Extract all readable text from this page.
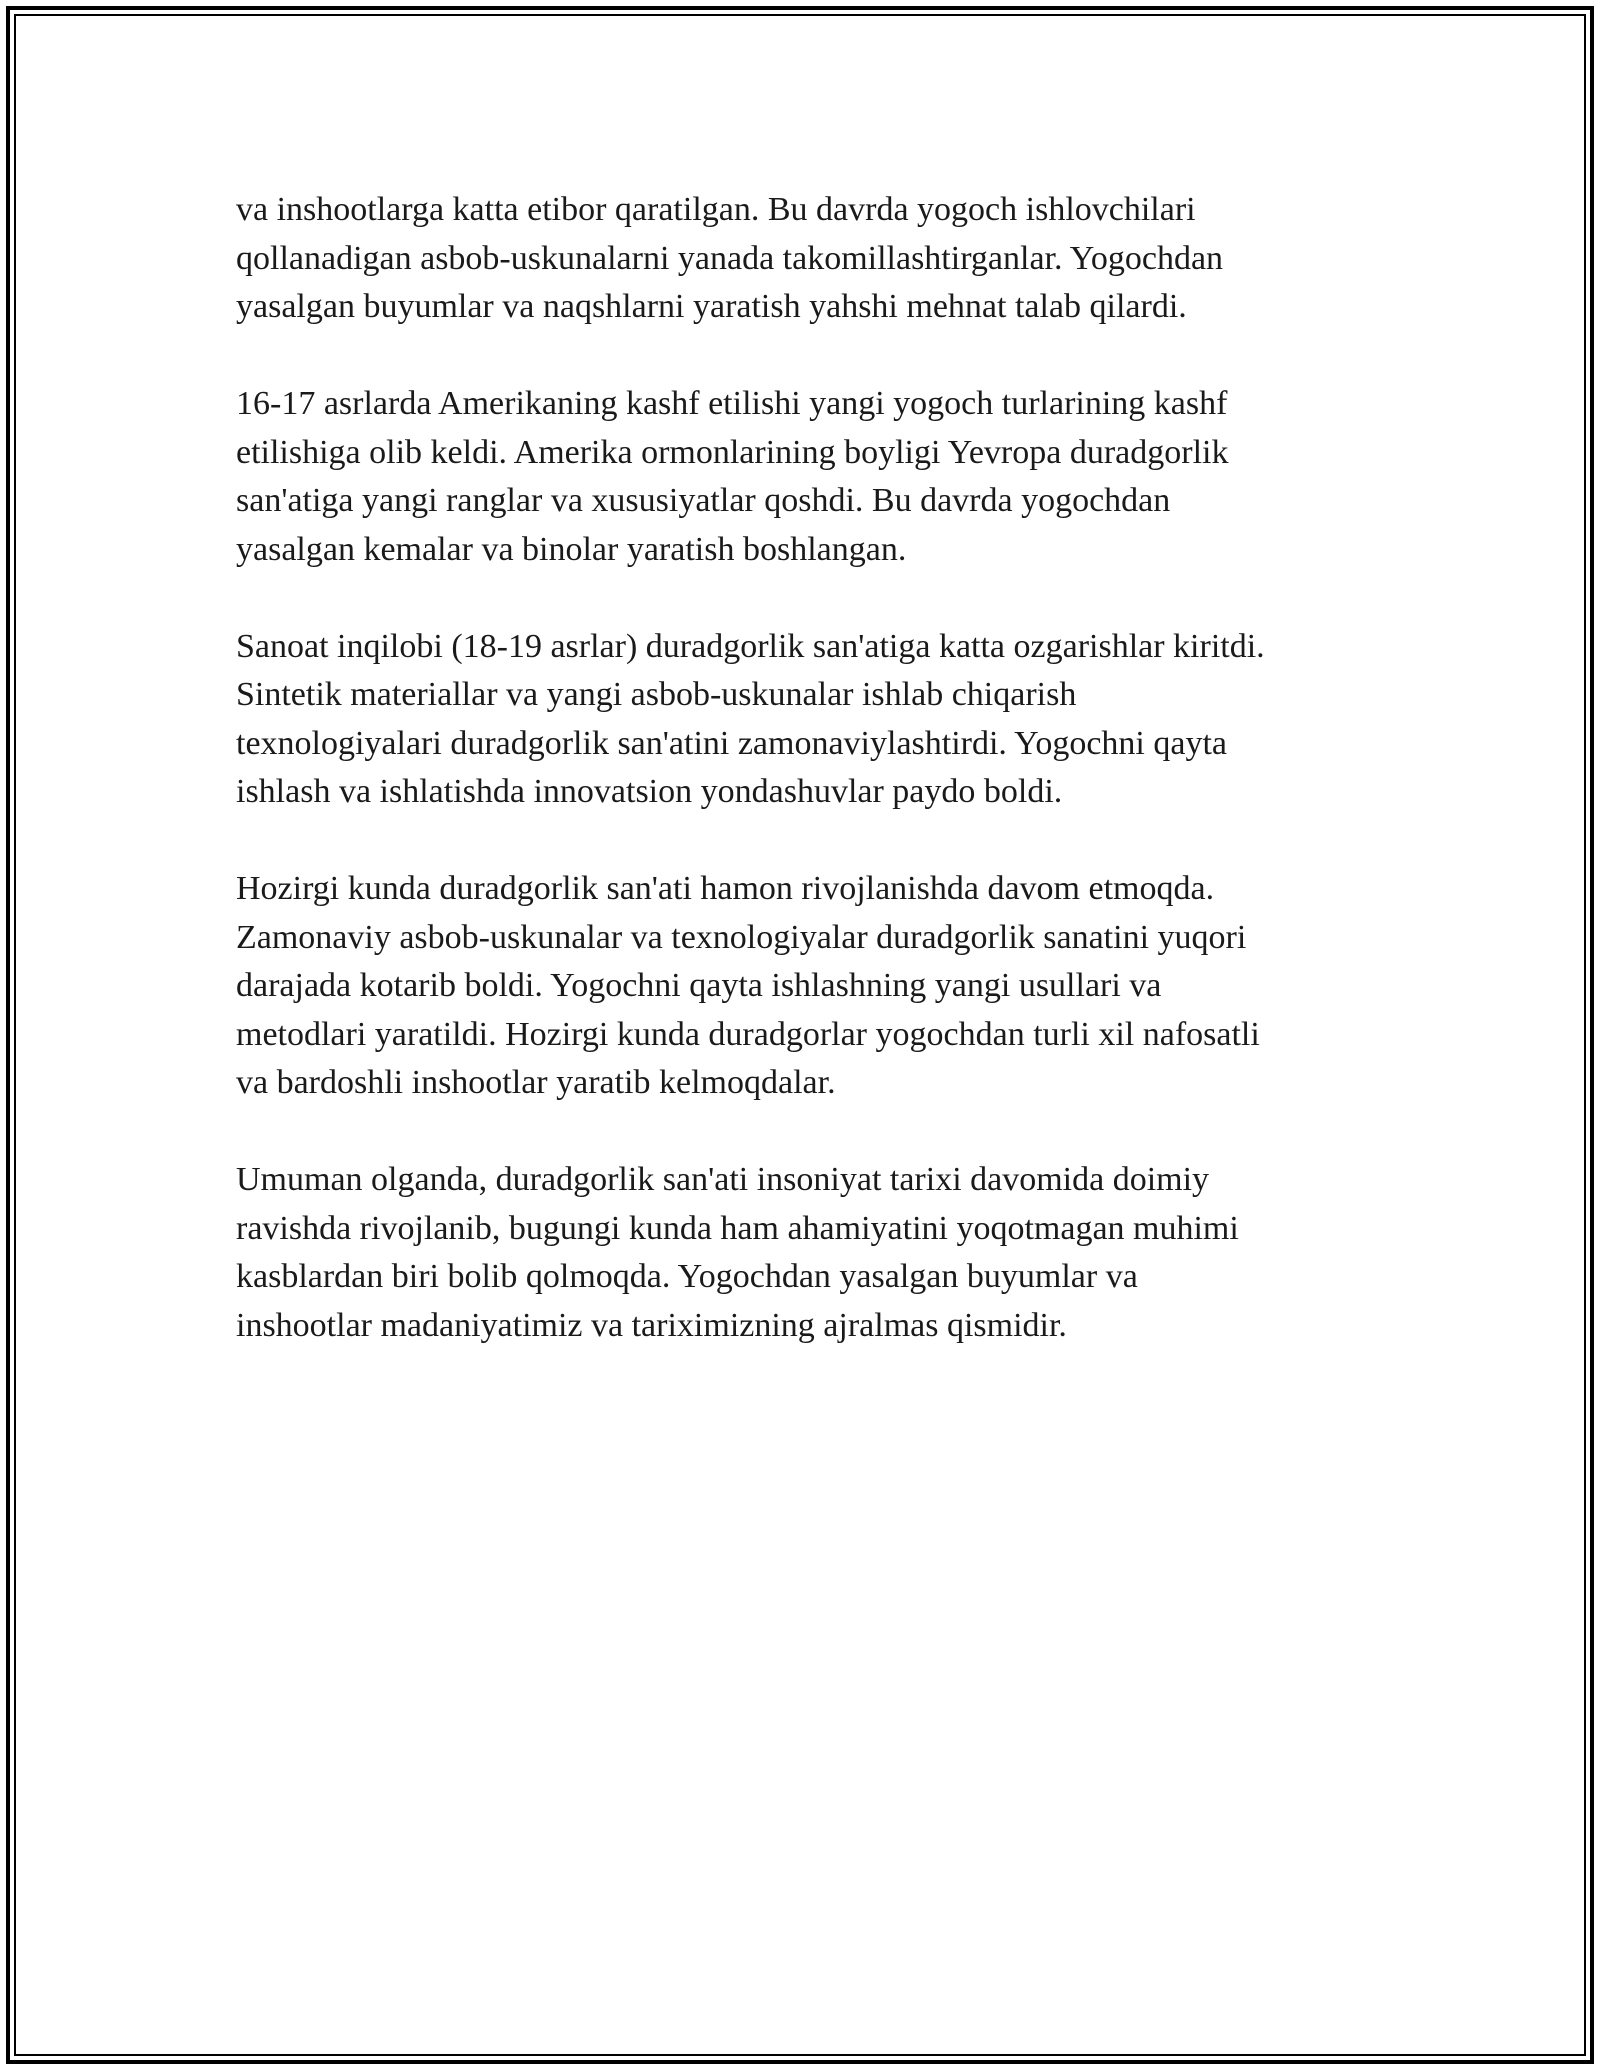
va inshootlarga katta etibor qaratilgan. Bu davrda yogoch ishlovchilari
qollanadigan asbob-uskunalarni yanada takomillashtirganlar. Yogochdan
yasalgan buyumlar va naqshlarni yaratish yahshi mehnat talab qilardi.

16-17 asrlarda Amerikaning kashf etilishi yangi yogoch turlarining kashf
etilishiga olib keldi. Amerika ormonlarining boyligi Yevropa duradgorlik
san'atiga yangi ranglar va xususiyatlar qoshdi. Bu davrda yogochdan
yasalgan kemalar va binolar yaratish boshlangan.

Sanoat inqilobi (18-19 asrlar) duradgorlik san'atiga katta ozgarishlar kiritdi.
Sintetik materiallar va yangi asbob-uskunalar ishlab chiqarish
texnologiyalari duradgorlik san'atini zamonaviylashtirdi. Yogochni qayta
ishlash va ishlatishda innovatsion yondashuvlar paydo boldi.

Hozirgi kunda duradgorlik san'ati hamon rivojlanishda davom etmoqda.
Zamonaviy asbob-uskunalar va texnologiyalar duradgorlik sanatini yuqori
darajada kotarib boldi. Yogochni qayta ishlashning yangi usullari va
metodlari yaratildi. Hozirgi kunda duradgorlar yogochdan turli xil nafosatli
va bardoshli inshootlar yaratib kelmoqdalar.

Umuman olganda, duradgorlik san'ati insoniyat tarixi davomida doimiy
ravishda rivojlanib, bugungi kunda ham ahamiyatini yoqotmagan muhimi
kasblardan biri bolib qolmoqda. Yogochdan yasalgan buyumlar va
inshootlar madaniyatimiz va tariximizning ajralmas qismidir.
